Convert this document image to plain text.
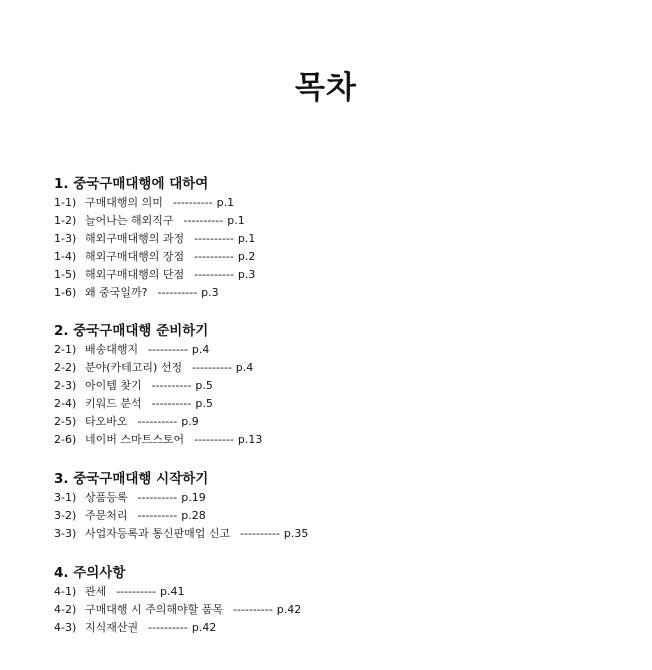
목차
1. 중국구매대행에 대하여
1-1) 구매대행의 의미 ---------- p.1
1-2) 늘어나는 해외직구 ---------- p.1
1-3) 해외구매대행의 과정 ---------- p.1
1-4) 해외구매대행의 장점 ---------- p.2
1-5) 해외구매대행의 단점 ---------- p.3
1-6) 왜 중국일까? ---------- p.3
2. 중국구매대행 준비하기
2-1) 배송대행지 ---------- p.4
2-2) 분야(카테고리) 선정 ---------- p.4
2-3) 아이템 찾기 ---------- p.5
2-4) 키워드 분석 ---------- p.5
2-5) 타오바오 ---------- p.9
2-6) 네이버 스마트스토어 ---------- p.13
3. 중국구매대행 시작하기
3-1) 상품등록 ---------- p.19
3-2) 주문처리 ---------- p.28
3-3) 사업자등록과 통신판매업 신고 ---------- p.35
4. 주의사항
4-1) 관세 ---------- p.41
4-2) 구매대행 시 주의해야할 품목 ---------- p.42
4-3) 지식재산권 ---------- p.42
